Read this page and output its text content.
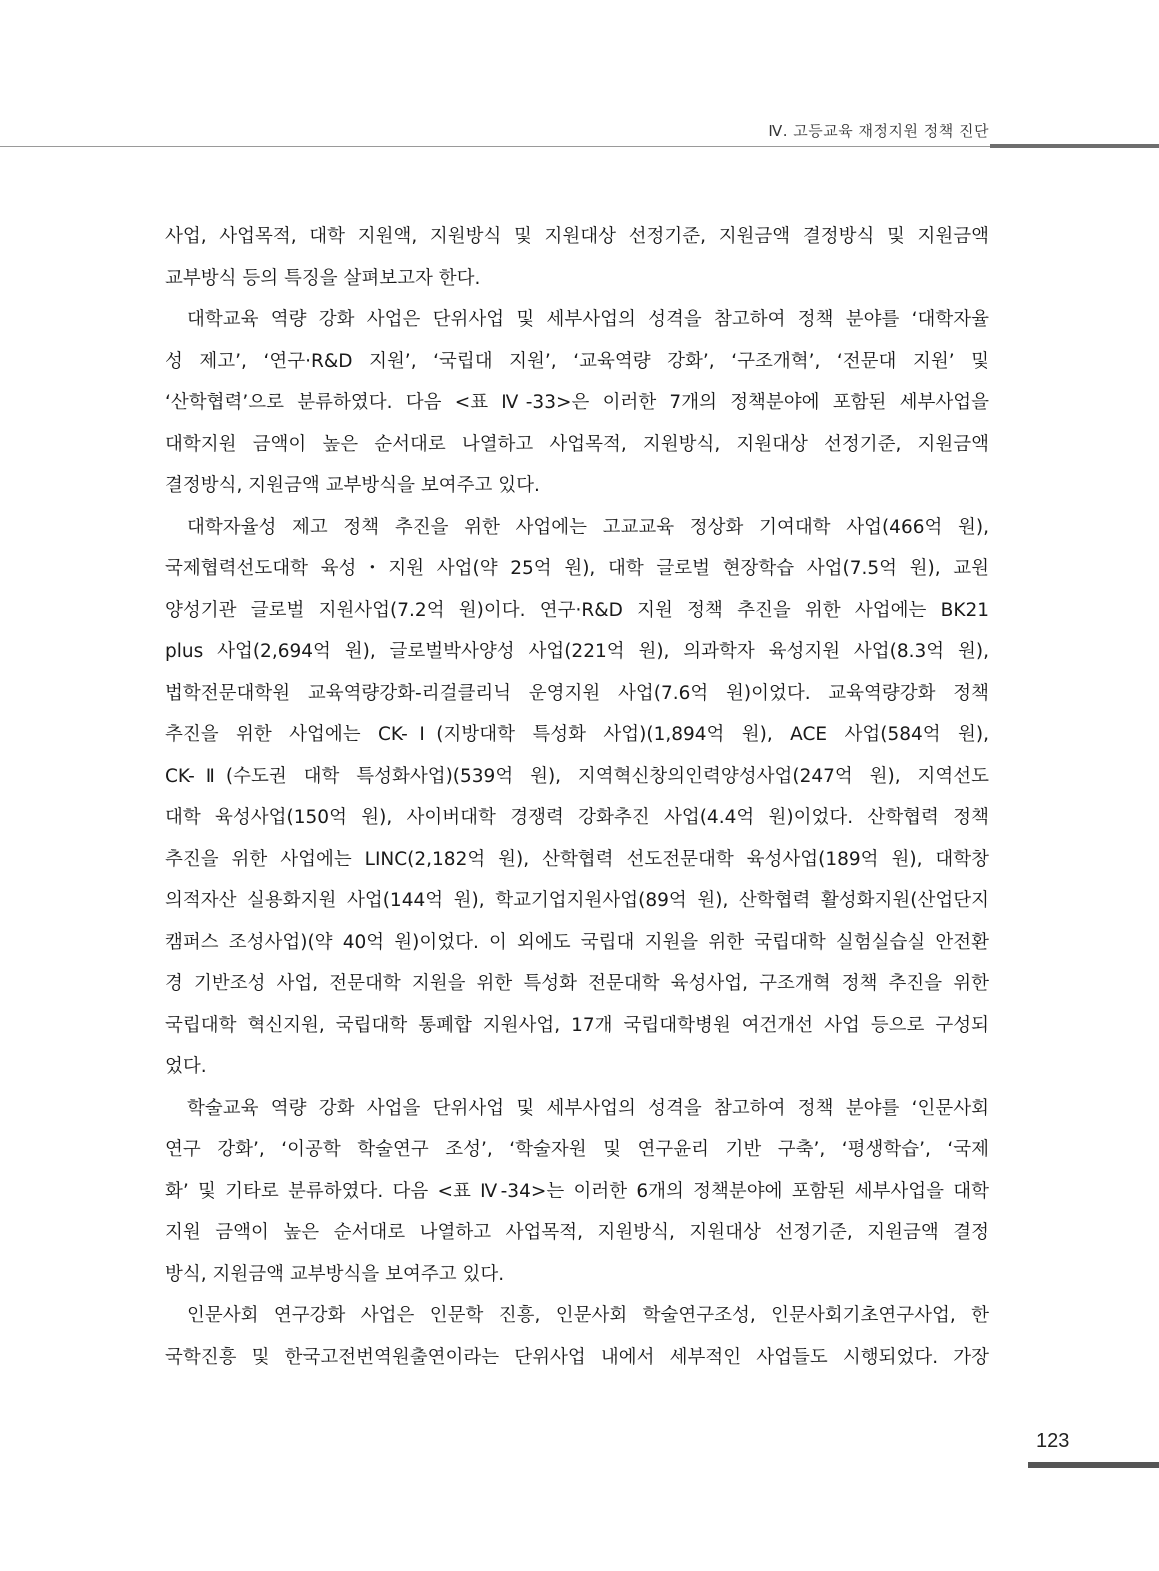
Ⅳ. 고등교육 재정지원 정책 진단
사업, 사업목적, 대학 지원액, 지원방식 및 지원대상 선정기준, 지원금액 결정방식 및 지원금액
교부방식 등의 특징을 살펴보고자 한다.
대학교육 역량 강화 사업은 단위사업 및 세부사업의 성격을 참고하여 정책 분야를 ‘대학자율
성 제고’, ‘연구·R&D 지원’, ‘국립대 지원’, ‘교육역량 강화’, ‘구조개혁’, ‘전문대 지원’ 및
‘산학협력’으로 분류하였다. 다음 <표 Ⅳ-33>은 이러한 7개의 정책분야에 포함된 세부사업을
대학지원 금액이 높은 순서대로 나열하고 사업목적, 지원방식, 지원대상 선정기준, 지원금액
결정방식, 지원금액 교부방식을 보여주고 있다.
대학자율성 제고 정책 추진을 위한 사업에는 고교교육 정상화 기여대학 사업(466억 원),
국제협력선도대학 육성・지원 사업(약 25억 원), 대학 글로벌 현장학습 사업(7.5억 원), 교원
양성기관 글로벌 지원사업(7.2억 원)이다. 연구·R&D 지원 정책 추진을 위한 사업에는 BK21
plus 사업(2,694억 원), 글로벌박사양성 사업(221억 원), 의과학자 육성지원 사업(8.3억 원),
법학전문대학원 교육역량강화-리걸클리닉 운영지원 사업(7.6억 원)이었다. 교육역량강화 정책
추진을 위한 사업에는 CK-Ⅰ(지방대학 특성화 사업)(1,894억 원), ACE 사업(584억 원),
CK-Ⅱ(수도권 대학 특성화사업)(539억 원), 지역혁신창의인력양성사업(247억 원), 지역선도
대학 육성사업(150억 원), 사이버대학 경쟁력 강화추진 사업(4.4억 원)이었다. 산학협력 정책
추진을 위한 사업에는 LINC(2,182억 원), 산학협력 선도전문대학 육성사업(189억 원), 대학창
의적자산 실용화지원 사업(144억 원), 학교기업지원사업(89억 원), 산학협력 활성화지원(산업단지
캠퍼스 조성사업)(약 40억 원)이었다. 이 외에도 국립대 지원을 위한 국립대학 실험실습실 안전환
경 기반조성 사업, 전문대학 지원을 위한 특성화 전문대학 육성사업, 구조개혁 정책 추진을 위한
국립대학 혁신지원, 국립대학 통폐합 지원사업, 17개 국립대학병원 여건개선 사업 등으로 구성되
었다.
학술교육 역량 강화 사업을 단위사업 및 세부사업의 성격을 참고하여 정책 분야를 ‘인문사회
연구 강화’, ‘이공학 학술연구 조성’, ‘학술자원 및 연구윤리 기반 구축’, ‘평생학습’, ‘국제
화’ 및 기타로 분류하였다. 다음 <표 Ⅳ-34>는 이러한 6개의 정책분야에 포함된 세부사업을 대학
지원 금액이 높은 순서대로 나열하고 사업목적, 지원방식, 지원대상 선정기준, 지원금액 결정
방식, 지원금액 교부방식을 보여주고 있다.
인문사회 연구강화 사업은 인문학 진흥, 인문사회 학술연구조성, 인문사회기초연구사업, 한
국학진흥 및 한국고전번역원출연이라는 단위사업 내에서 세부적인 사업들도 시행되었다. 가장
123
